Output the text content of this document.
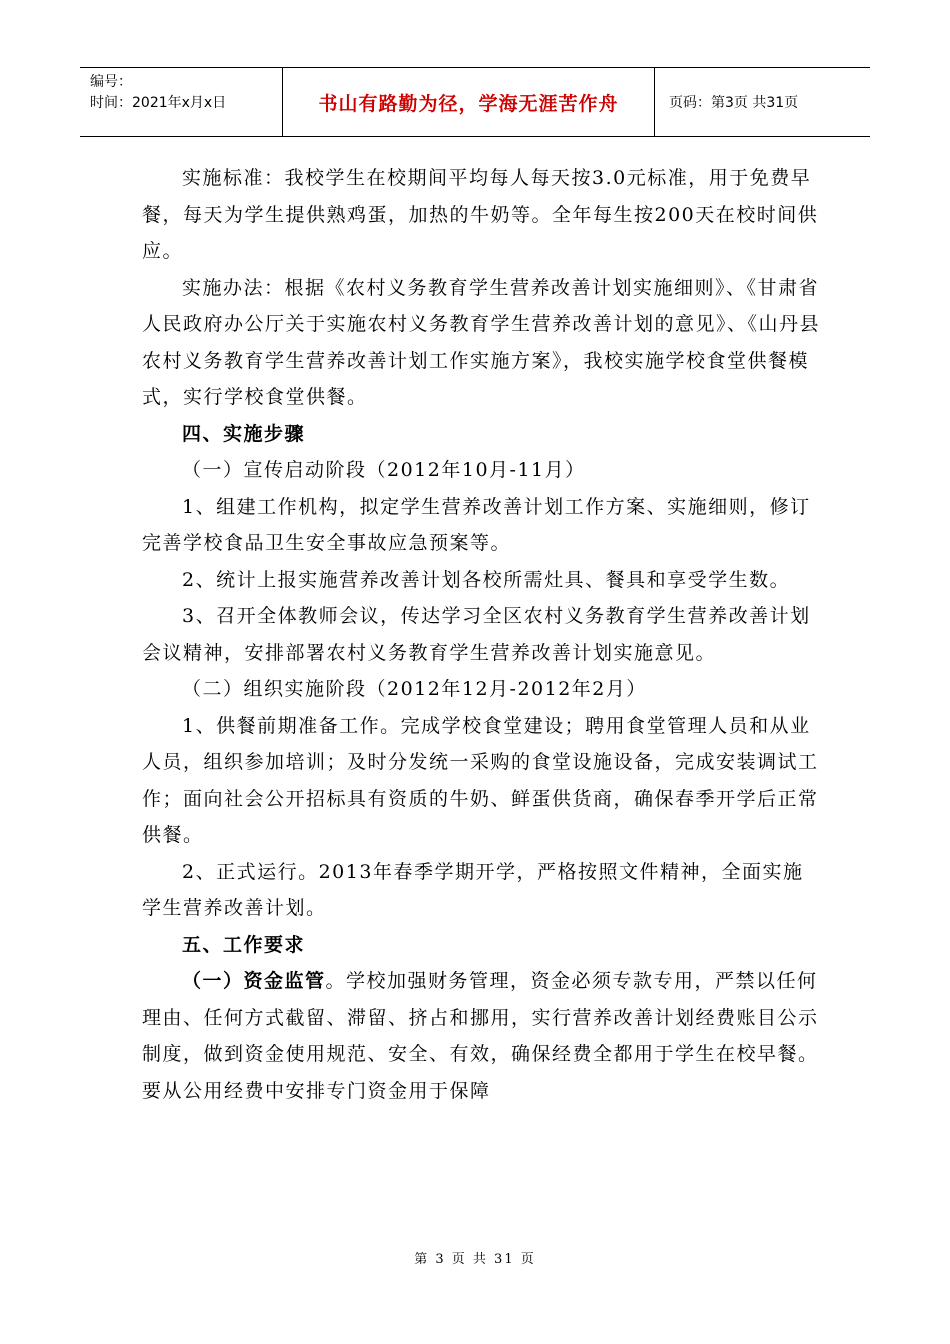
编号：
时间：2021年x月x日	书山有路勤为径，学海无涯苦作舟	页码：第3页 共31页

实施标准：我校学生在校期间平均每人每天按3.0元标准，用于免费早餐，每天为学生提供熟鸡蛋，加热的牛奶等。全年每生按200天在校时间供应。

实施办法：根据《农村义务教育学生营养改善计划实施细则》、《甘肃省人民政府办公厅关于实施农村义务教育学生营养改善计划的意见》、《山丹县农村义务教育学生营养改善计划工作实施方案》，我校实施学校食堂供餐模式，实行学校食堂供餐。

四、实施步骤

（一）宣传启动阶段（2012年10月-11月）

1、组建工作机构，拟定学生营养改善计划工作方案、实施细则，修订完善学校食品卫生安全事故应急预案等。

2、统计上报实施营养改善计划各校所需灶具、餐具和享受学生数。

3、召开全体教师会议，传达学习全区农村义务教育学生营养改善计划会议精神，安排部署农村义务教育学生营养改善计划实施意见。

（二）组织实施阶段（2012年12月-2012年2月）

1、供餐前期准备工作。完成学校食堂建设；聘用食堂管理人员和从业人员，组织参加培训；及时分发统一采购的食堂设施设备，完成安装调试工作；面向社会公开招标具有资质的牛奶、鲜蛋供货商，确保春季开学后正常供餐。

2、正式运行。2013年春季学期开学，严格按照文件精神，全面实施学生营养改善计划。

五、工作要求

（一）资金监管。学校加强财务管理，资金必须专款专用，严禁以任何理由、任何方式截留、滞留、挤占和挪用，实行营养改善计划经费账目公示制度，做到资金使用规范、安全、有效，确保经费全都用于学生在校早餐。要从公用经费中安排专门资金用于保障

第 3 页 共 31 页
